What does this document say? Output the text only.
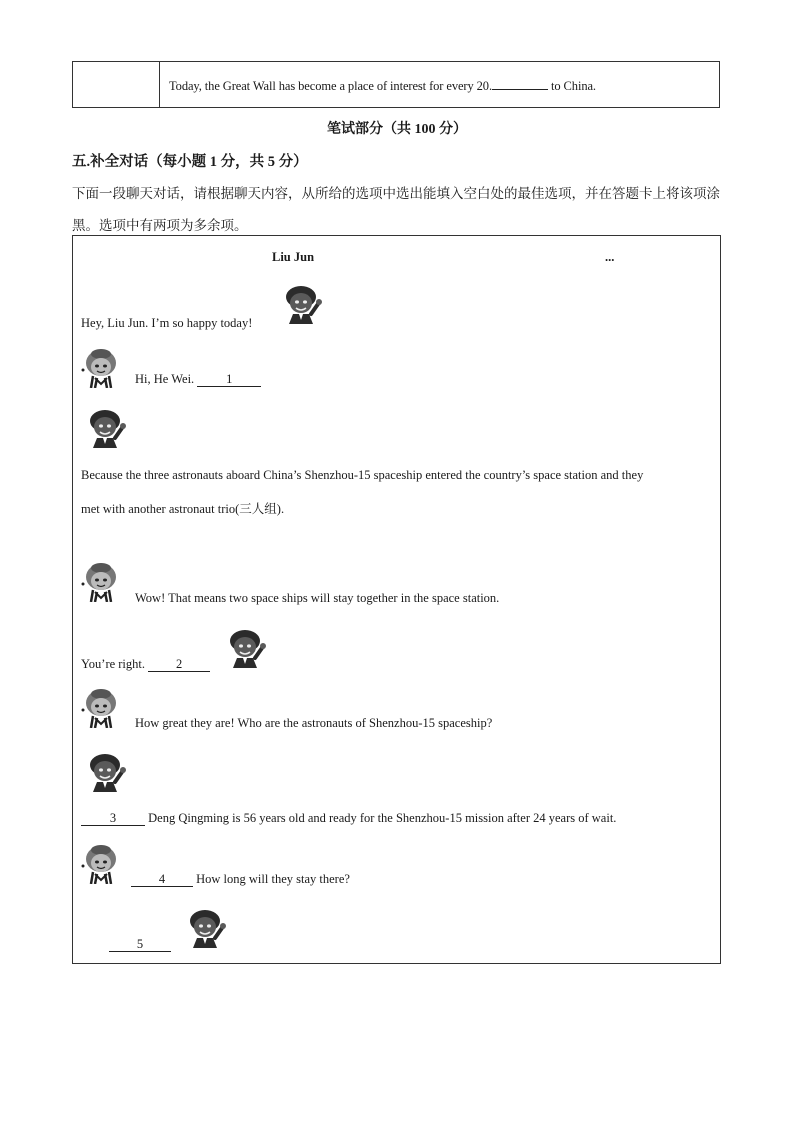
Today, the Great Wall has become a place of interest for every 20.	to China.
笔试部分（共 100 分）
五.补全对话（每小题 1 分，共 5 分）
下面一段聊天对话，请根据聊天内容，从所给的选项中选出能填入空白处的最佳选项，并在答题卡上将该项涂黑。选项中有两项为多余项。
Liu Jun	...
Hey, Liu Jun. I’m so happy today!
Hi, He Wei. 1
Because the three astronauts aboard China’s Shenzhou-15 spaceship entered the country’s space station and they
met with another astronaut trio(三人组).
Wow! That means two space ships will stay together in the space station.
You’re right. 2
How great they are! Who are the astronauts of Shenzhou-15 spaceship?
3 Deng Qingming is 56 years old and ready for the Shenzhou-15 mission after 24 years of wait.
4 How long will they stay there?
5
